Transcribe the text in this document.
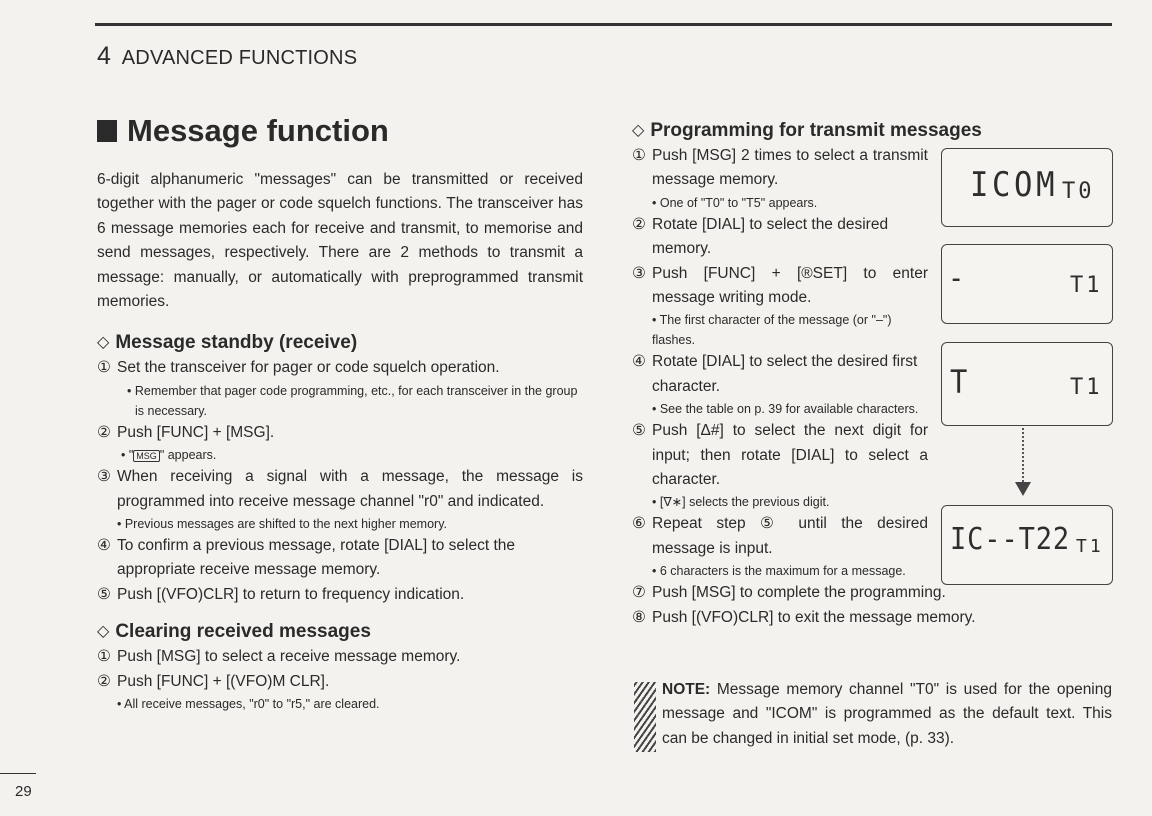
4 ADVANCED FUNCTIONS
Message function

6-digit alphanumeric "messages" can be transmitted or received together with the pager or code squelch functions. The transceiver has 6 message memories each for receive and transmit, to memorise and send messages, respectively. There are 2 methods to transmit a message: manually, or automatically with preprogrammed transmit memories.

◇ Message standby (receive)
① Set the transceiver for pager or code squelch operation.
• Remember that pager code programming, etc., for each transceiver in the group is necessary.
② Push [FUNC] + [MSG].
• " MSG " appears.
③ When receiving a signal with a message, the message is programmed into receive message channel "r0" and indicated.
• Previous messages are shifted to the next higher memory.
④ To confirm a previous message, rotate [DIAL] to select the appropriate receive message memory.
⑤ Push [(VFO)CLR] to return to frequency indication.
◇ Clearing received messages
① Push [MSG] to select a receive message memory.
② Push [FUNC] + [(VFO)M CLR].
• All receive messages, "r0" to "r5," are cleared.
◇ Programming for transmit messages
① Push [MSG] 2 times to select a transmit message memory.
• One of "T0" to "T5" appears.
② Rotate [DIAL] to select the desired memory.
③ Push [FUNC] + [®SET] to enter message writing mode.
• The first character of the message (or "–") flashes.
④ Rotate [DIAL] to select the desired first character.
• See the table on p. 39 for available characters.
⑤ Push [Δ#] to select the next digit for input; then rotate [DIAL] to select a character.
• [∇∗] selects the previous digit.
⑥ Repeat step ⑤ until the desired message is input.
• 6 characters is the maximum for a message.
⑦ Push [MSG] to complete the programming.
⑧ Push [(VFO)CLR] to exit the message memory.
ICOM T0
-	T1
T	T1
IC--T22 T1
NOTE: Message memory channel "T0" is used for the opening message and "ICOM" is programmed as the default text. This can be changed in initial set mode, (p. 33).
29
